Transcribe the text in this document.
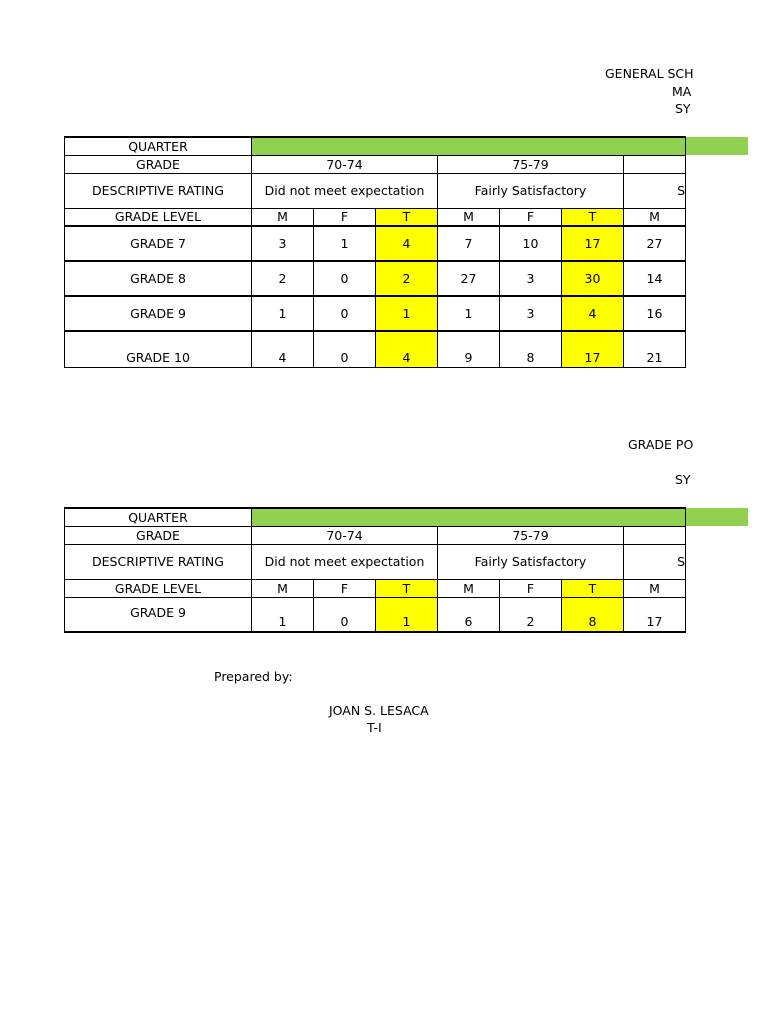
GENERAL SCH
MA
SY
QUARTER							
GRADE	70-74			75-79			
DESCRIPTIVE RATING	Did not meet expectation			Fairly Satisfactory			S
GRADE LEVEL	M	F	T	M	F	T	M
GRADE 7	3	1	4	7	10	17	27
GRADE 8	2	0	2	27	3	30	14
GRADE 9	1	0	1	1	3	4	16
GRADE 10	4	0	4	9	8	17	21
GRADE PO
SY
QUARTER							
GRADE	70-74			75-79			
DESCRIPTIVE RATING	Did not meet expectation			Fairly Satisfactory			S
GRADE LEVEL	M	F	T	M	F	T	M
GRADE 9	1	0	1	6	2	8	17
Prepared by:
JOAN S. LESACA
T-I
